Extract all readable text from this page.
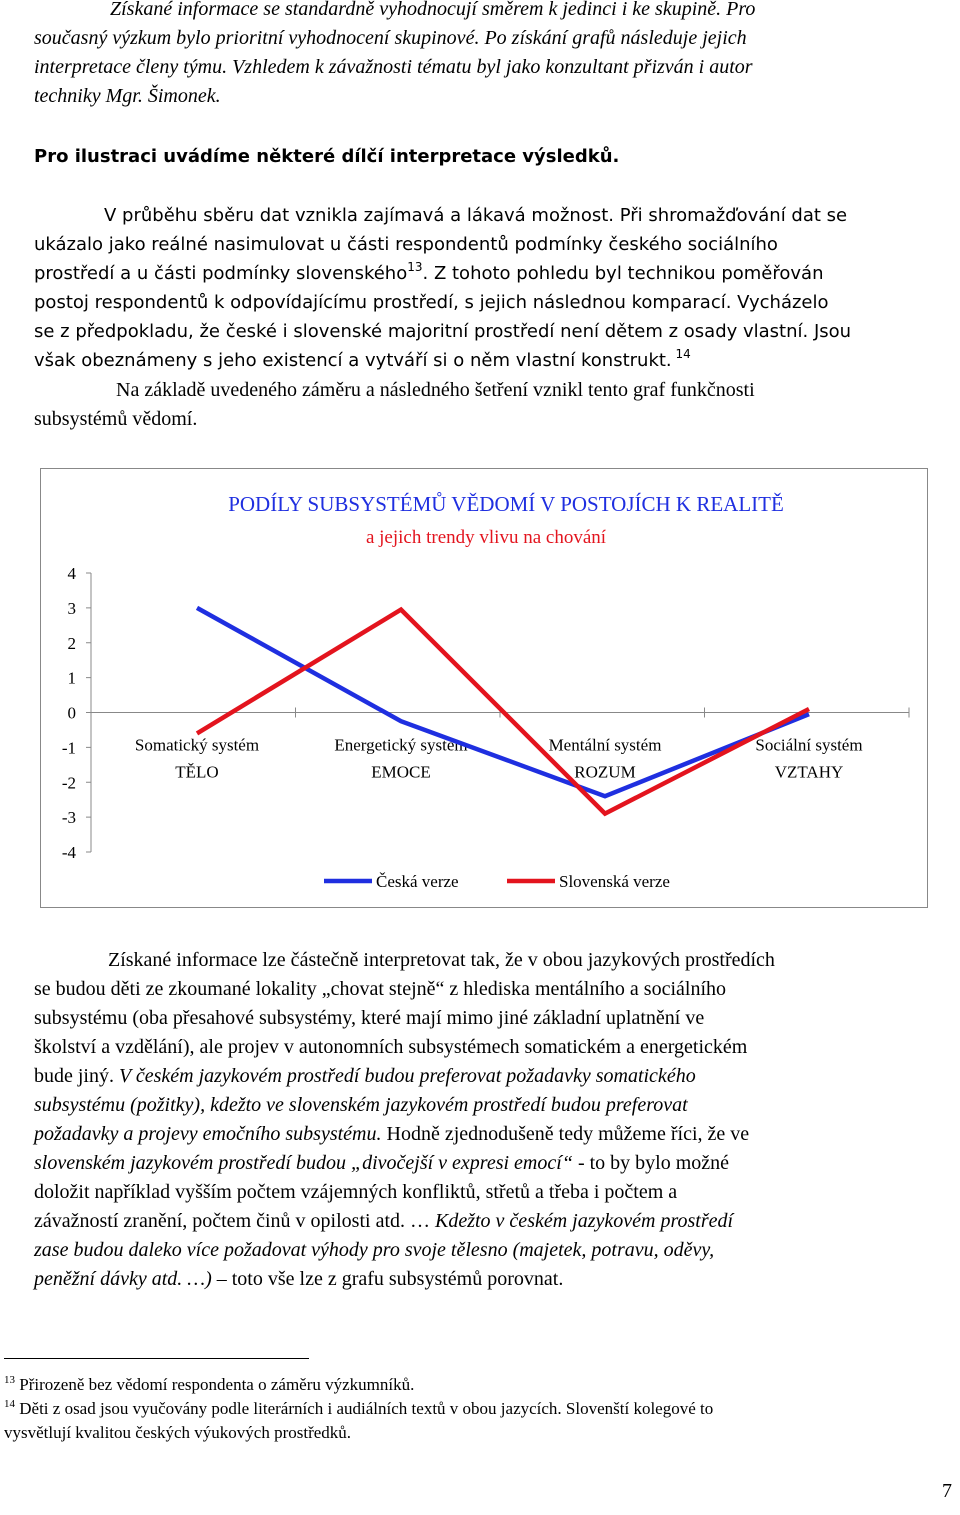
Získané informace se standardně vyhodnocují směrem k jedinci i ke skupině. Pro

současný výzkum bylo prioritní vyhodnocení skupinové. Po získání grafů následuje jejich

interpretace členy týmu. Vzhledem k závažnosti tématu byl jako konzultant přizván i autor

techniky Mgr. Šimonek.

Pro ilustraci uvádíme některé dílčí interpretace výsledků.

V průběhu sběru dat vznikla zajímavá a lákavá možnost. Při shromažďování dat se

ukázalo jako reálné nasimulovat u části respondentů podmínky českého sociálního

prostředí a u části podmínky slovenského$^{13}$. Z tohoto pohledu byl technikou poměřován

postoj respondentů k odpovídajícímu prostředí, s jejich následnou komparací. Vycházelo

se z předpokladu, že české i slovenské majoritní prostředí není dětem z osady vlastní. Jsou

však obeznámeny s jeho existencí a vytváří si o něm vlastní konstrukt. $^{14}$

Na základě uvedeného záměru a následného šetření vznikl tento graf funkčnosti

subsystémů vědomí.

PODÍLY SUBSYSTÉMŮ VĚDOMÍ V POSTOJÍCH K REALITĚ
a jejich trendy vlivu na chování
4
3
2
1
0
-1
-2
-3
-4
Somatický systém
TĚLO
Energetický systém
EMOCE
Mentální systém
ROZUM
Sociální systém
VZTAHY
Česká verze	Slovenská verze

Získané informace lze částečně interpretovat tak, že v obou jazykových prostředích

se budou děti ze zkoumané lokality „chovat stejně“ z hlediska mentálního a sociálního

subsystému (oba přesahové subsystémy, které mají mimo jiné základní uplatnění ve

školství a vzdělání), ale projev v autonomních subsystémech somatickém a energetickém

bude jiný. V českém jazykovém prostředí budou preferovat požadavky somatického

subsystému (požitky), kdežto ve slovenském jazykovém prostředí budou preferovat

požadavky a projevy emočního subsystému. Hodně zjednodušeně tedy můžeme říci, že ve

slovenském jazykovém prostředí budou „divočejší v expresi emocí“ - to by bylo možné

doložit například vyšším počtem vzájemných konfliktů, střetů a třeba i počtem a

závažností zranění, počtem činů v opilosti atd. … Kdežto v českém jazykovém prostředí

zase budou daleko více požadovat výhody pro svoje tělesno (majetek, potravu, oděvy,

peněžní dávky atd. …) – toto vše lze z grafu subsystémů porovnat.

$^{13}$ Přirozeně bez vědomí respondenta o záměru výzkumníků.

$^{14}$ Děti z osad jsou vyučovány podle literárních i audiálních textů v obou jazycích. Slovenští kolegové to

vysvětlují kvalitou českých výukových prostředků.

7
